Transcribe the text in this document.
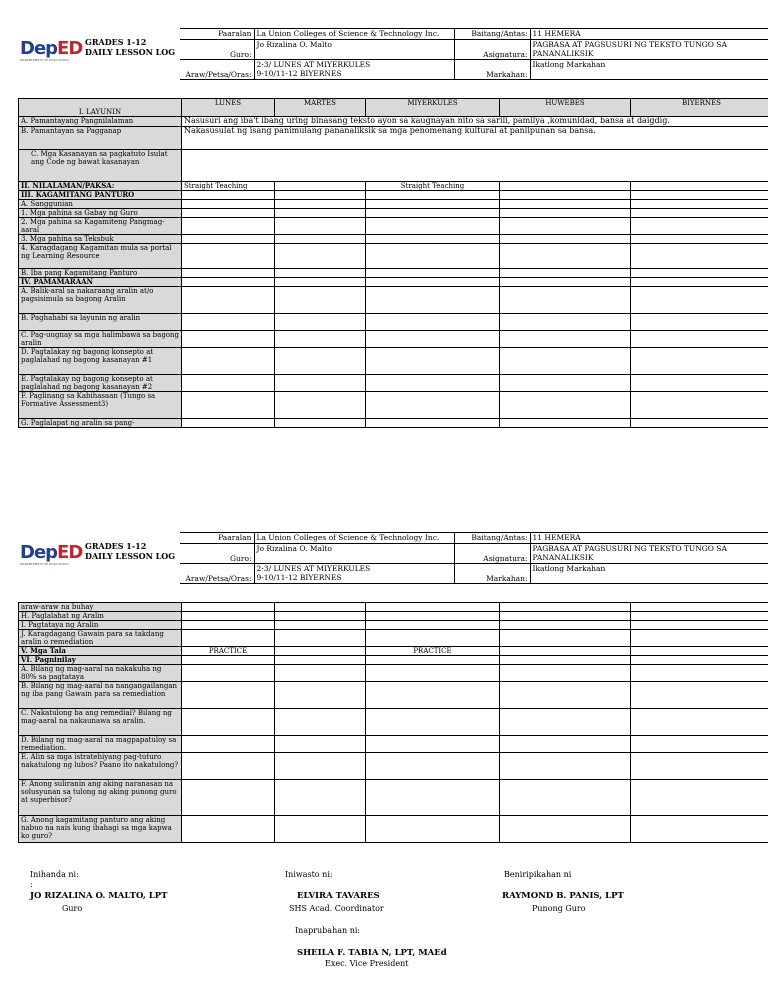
DepED
DEPARTMENT OF EDUCATION
GRADES 1-12
DAILY LESSON LOG
Paaralan	La Union Colleges of Science & Technology Inc.	Baitang/Antas:	11 HEMERA
Guro:	Jo Rizalina O. Malto	Asignatura:	PAGBASA AT PAGSUSURI NG TEKSTO TUNGO SA
PANANALIKSIK

Araw/Petsa/Oras:	2-3/ LUNES AT MIYERKULES
9-10/11-12 BIYERNES	Markahan:	Ikatlong Markahan
I. LAYUNIN	LUNES	MARTES	MIYERKULES	HUWEBES	BIYERNES
A. Pamantayang Pangnilalaman	Nasusuri ang iba't ibang uring binasang teksto ayon sa kaugnayan nito sa sarili, pamilya ,komunidad, bansa at daigdig.				
B. Pamantayan sa Pagganap	Nakasusulat ng isang panimulang pananaliksik sa mga penomenang kultural at panlipunan sa bansa.				
C. Mga Kasanayan sa pagkatuto Isulat ang Code ng bawat kasanayan					
II. NILALAMAN/PAKSA:	Straight Teaching		Straight Teaching		
III. KAGAMITANG PANTURO					
A. Sanggunian					
1. Mga pahina sa Gabay ng Guro					
2. Mga pahina sa Kagamiteng Pangmag-aaral					
3. Mga pahina sa Teksbuk					
4. Karagdagang Kagamitan mula sa portal ng Learning Resource					
B. Iba pang Kagamitang Panturo					
IV. PAMAMARAAN					
A. Balik-aral sa nakaraang aralin at/o pagsisimula sa bagong Aralin					
B. Paghahabi sa layunin ng aralin					
C. Pag-uugnay sa mga halimbawa sa bagong aralin					
D. Pagtalakay ng bagong konsepto at paglalahad ng bagong kasanayan #1					
E. Pagtalakay ng bagong konsepto at paglalahad ng bagong kasanayan #2					
F. Paglinang sa Kabihasaan (Tungo sa Formative Assessment3)					
G. Paglalapat ng aralin sa pang-					
DepED
DEPARTMENT OF EDUCATION
GRADES 1-12
DAILY LESSON LOG
Paaralan	La Union Colleges of Science & Technology Inc.	Baitang/Antas:	11 HEMERA
Guro:	Jo Rizalina O. Malto	Asignatura:	PAGBASA AT PAGSUSURI NG TEKSTO TUNGO SA
PANANALIKSIK

Araw/Petsa/Oras:	2-3/ LUNES AT MIYERKULES
9-10/11-12 BIYERNES	Markahan:	Ikatlong Markahan
araw-araw na buhay					
H. Paglalahat ng Aralin					
I. Pagtataya ng Aralin					
J. Karagdagang Gawain para sa takdang aralin o remediation					
V. Mga Tala	PRACTICE		PRACTICE		
VI. Pagninilay					
A. Bilang ng mag-aaral na nakakuha ng 80% sa pagtataya					
B. Bilang ng mag-aaral na nangangailangan ng iba pang Gawain para sa remediation					
C. Nakatulong ba ang remedial? Bilang ng mag-aaral na nakaunawa sa aralin.					
D. Bilang ng mag-aaral na magpapatuloy sa remediation.					
E. Alin sa mga istratehiyang pag-tuturo nakatulong ng lubos? Paano ito nakatulong?					
F. Anong suliranin ang aking naranasan na solusyunan sa tulong ng aking punong guro at superbisor?					
G. Anong kagamitang panturo ang aking nabuo na nais kung ibahagi sa mga kapwa ko guro?					
Inihanda ni:
:
JO RIZALINA O. MALTO, LPT
Guro
Iniwasto ni:
ELVIRA TAVARES
SHS Acad. Coordinator
Beniripikahan ni
RAYMOND B. PANIS, LPT
Punong Guro
Inaprubahan ni:
SHEILA F. TABIA N, LPT, MAEd
Exec. Vice President
